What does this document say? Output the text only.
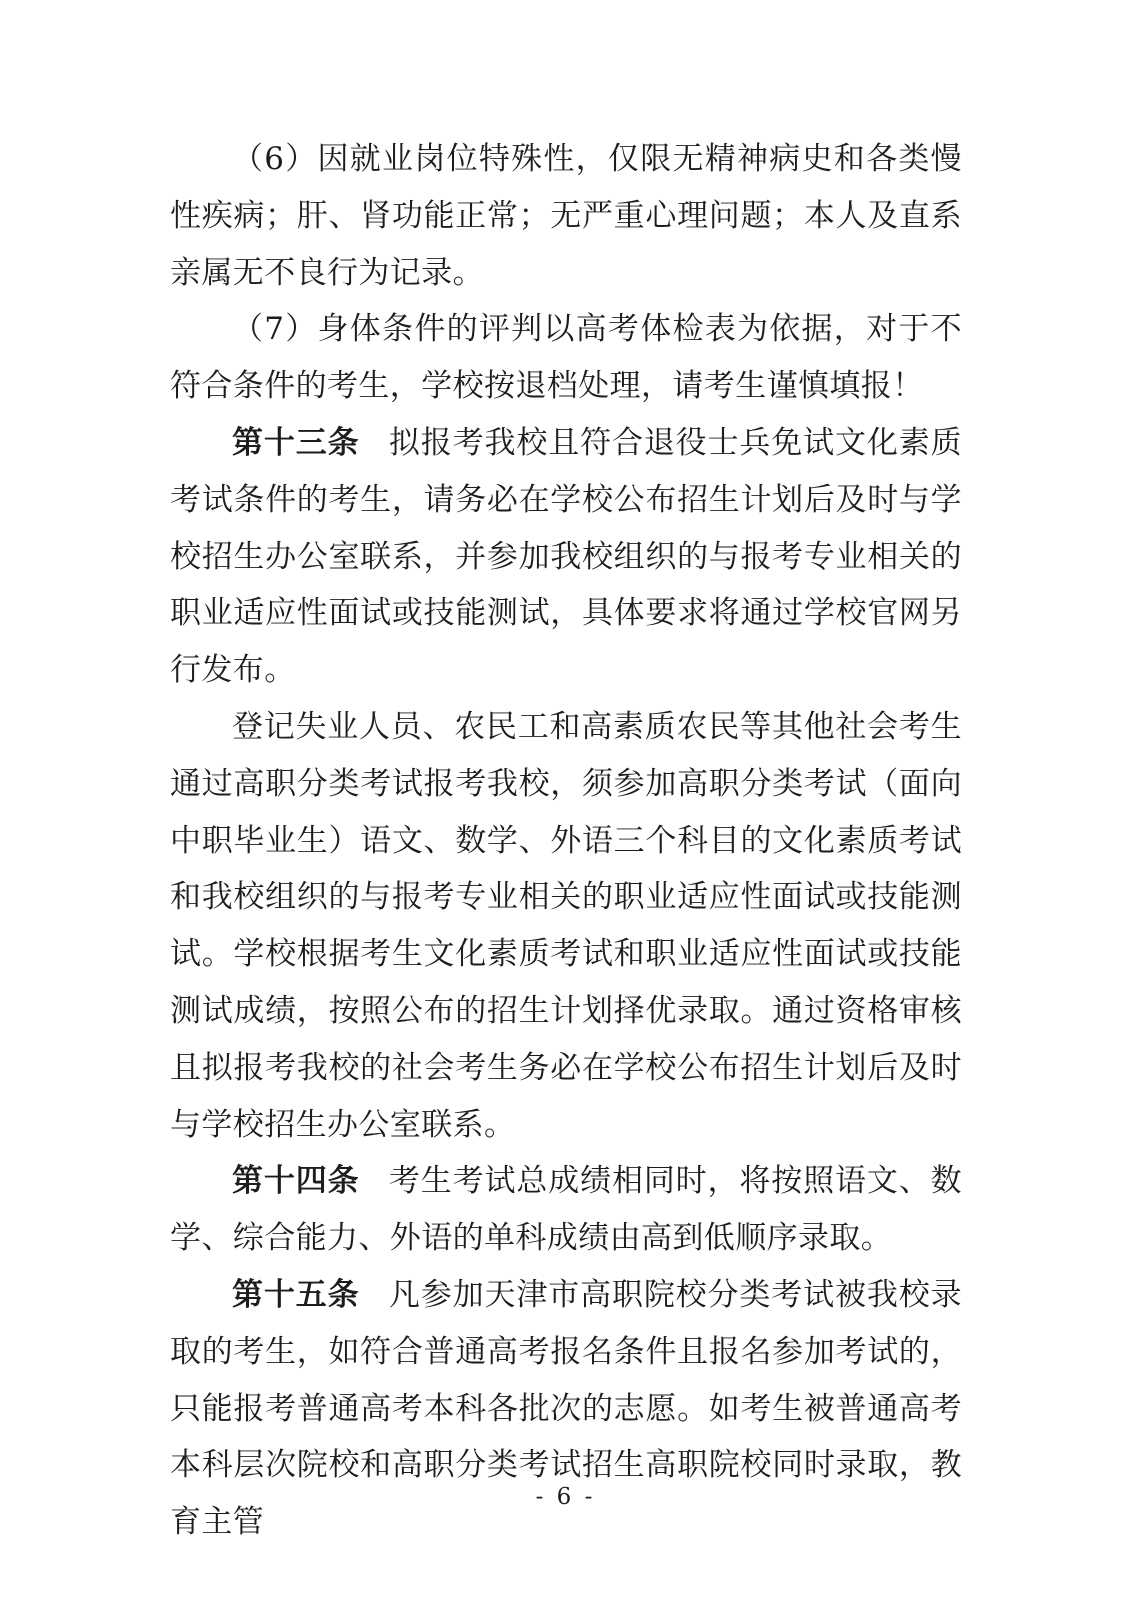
（6）因就业岗位特殊性，仅限无精神病史和各类慢性疾病；肝、肾功能正常；无严重心理问题；本人及直系亲属无不良行为记录。

（7）身体条件的评判以高考体检表为依据，对于不符合条件的考生，学校按退档处理，请考生谨慎填报！

第十三条 拟报考我校且符合退役士兵免试文化素质考试条件的考生，请务必在学校公布招生计划后及时与学校招生办公室联系，并参加我校组织的与报考专业相关的职业适应性面试或技能测试，具体要求将通过学校官网另行发布。

登记失业人员、农民工和高素质农民等其他社会考生通过高职分类考试报考我校，须参加高职分类考试（面向中职毕业生）语文、数学、外语三个科目的文化素质考试和我校组织的与报考专业相关的职业适应性面试或技能测试。学校根据考生文化素质考试和职业适应性面试或技能测试成绩，按照公布的招生计划择优录取。通过资格审核且拟报考我校的社会考生务必在学校公布招生计划后及时与学校招生办公室联系。

第十四条 考生考试总成绩相同时，将按照语文、数学、综合能力、外语的单科成绩由高到低顺序录取。

第十五条 凡参加天津市高职院校分类考试被我校录取的考生，如符合普通高考报名条件且报名参加考试的，只能报考普通高考本科各批次的志愿。如考生被普通高考本科层次院校和高职分类考试招生高职院校同时录取，教育主管

- 6 -
